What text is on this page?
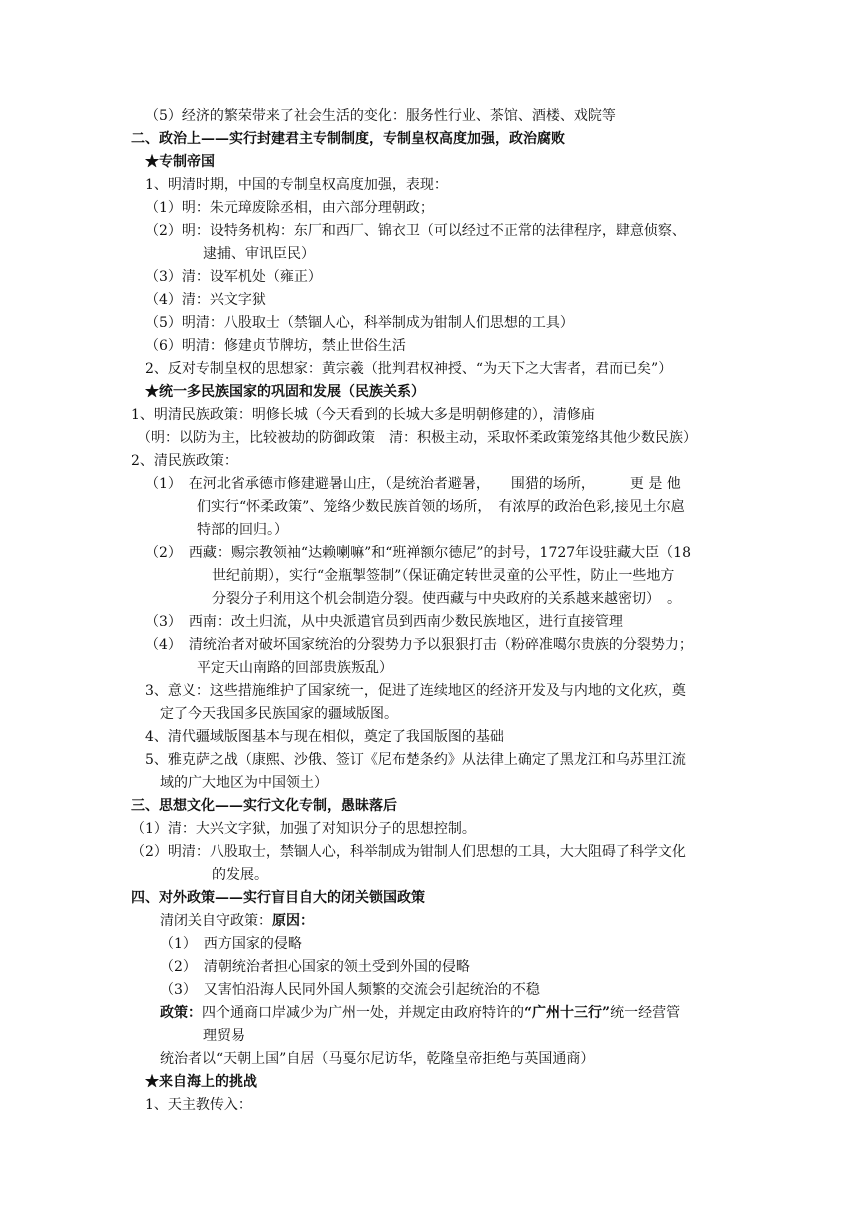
（5）经济的繁荣带来了社会生活的变化：服务性行业、茶馆、酒楼、戏院等
二、政治上——实行封建君主专制制度，专制皇权高度加强，政治腐败
★专制帝国
1、明清时期，中国的专制皇权高度加强，表现：
（1）明：朱元璋废除丞相，由六部分理朝政；
（2）明：设特务机构：东厂和西厂、锦衣卫（可以经过不正常的法律程序，肆意侦察、
逮捕、审讯臣民）
（3）清：设军机处（雍正）
（4）清：兴文字狱
（5）明清：八股取士（禁锢人心，科举制成为钳制人们思想的工具）
（6）明清：修建贞节牌坊，禁止世俗生活
2、反对专制皇权的思想家：黄宗羲（批判君权神授、“为天下之大害者，君而已矣”）
★统一多民族国家的巩固和发展（民族关系）
1、明清民族政策：明修长城（今天看到的长城大多是明朝修建的），清修庙
（明：以防为主，比较被劫的防御政策　清：积极主动，采取怀柔政策笼络其他少数民族）
2、清民族政策：
（1）　在河北省承德市修建避暑山庄，（是统治者避暑，　　围猎的场所，　　　更 是 他
们实行“怀柔政策”、笼络少数民族首领的场所，　有浓厚的政治色彩,接见土尔扈
特部的回归。）
（2）　西藏：赐宗教领袖“达赖喇嘛”和“班禅额尔德尼”的封号，1727年设驻藏大臣（18
世纪前期），实行“金瓶掣签制”（保证确定转世灵童的公平性，防止一些地方
分裂分子利用这个机会制造分裂。使西藏与中央政府的关系越来越密切）　。
（3）　西南：改土归流，从中央派遣官员到西南少数民族地区，进行直接管理
（4）　清统治者对破坏国家统治的分裂势力予以狠狠打击（粉碎准噶尔贵族的分裂势力；
平定天山南路的回部贵族叛乱）
3、意义：这些措施维护了国家统一，促进了连续地区的经济开发及与内地的文化疚，奠
定了今天我国多民族国家的疆域版图。
4、清代疆域版图基本与现在相似，奠定了我国版图的基础
5、雅克萨之战（康熙、沙俄、签订《尼布楚条约》从法律上确定了黑龙江和乌苏里江流
域的广大地区为中国领土）
三、思想文化——实行文化专制，愚昧落后
（1）清：大兴文字狱，加强了对知识分子的思想控制。
（2）明清：八股取士，禁锢人心，科举制成为钳制人们思想的工具，大大阻碍了科学文化
的发展。
四、对外政策——实行盲目自大的闭关锁国政策
清闭关自守政策：原因：
（1）　西方国家的侵略
（2）　清朝统治者担心国家的领土受到外国的侵略
（3）　又害怕沿海人民同外国人频繁的交流会引起统治的不稳
政策：四个通商口岸减少为广州一处，并规定由政府特许的“广州十三行”统一经营管
理贸易
统治者以“天朝上国”自居（马戛尔尼访华，乾隆皇帝拒绝与英国通商）
★来自海上的挑战
1、天主教传入：
